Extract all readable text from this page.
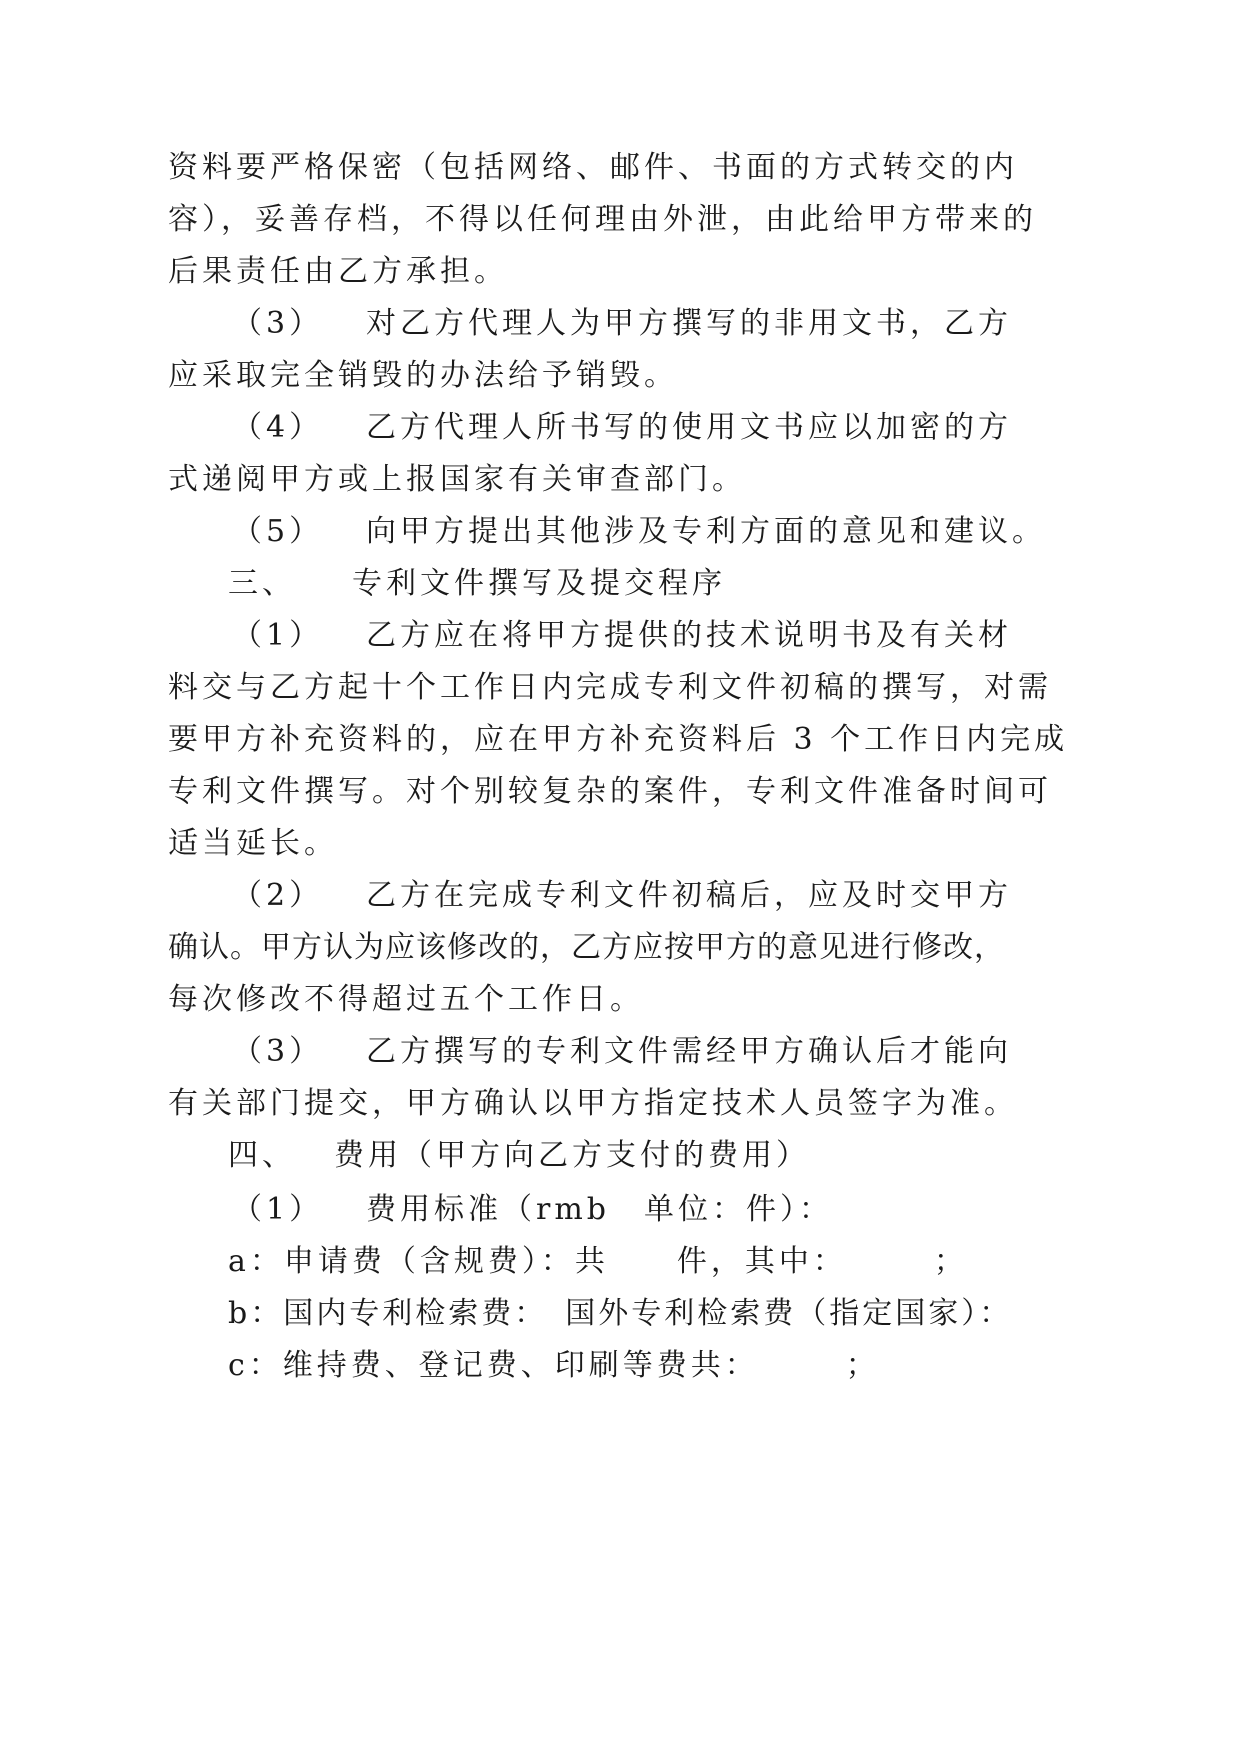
资料要严格保密（包括网络、邮件、书面的方式转交的内
容），妥善存档，不得以任何理由外泄，由此给甲方带来的
后果责任由乙方承担。
（3） 对乙方代理人为甲方撰写的非用文书，乙方
应采取完全销毁的办法给予销毁。
（4） 乙方代理人所书写的使用文书应以加密的方
式递阅甲方或上报国家有关审查部门。
（5） 向甲方提出其他涉及专利方面的意见和建议。
三、 专利文件撰写及提交程序
（1） 乙方应在将甲方提供的技术说明书及有关材
料交与乙方起十个工作日内完成专利文件初稿的撰写，对需
要甲方补充资料的，应在甲方补充资料后 3 个工作日内完成
专利文件撰写。对个别较复杂的案件，专利文件准备时间可
适当延长。
（2） 乙方在完成专利文件初稿后，应及时交甲方
确认。甲方认为应该修改的，乙方应按甲方的意见进行修改，
每次修改不得超过五个工作日。
（3） 乙方撰写的专利文件需经甲方确认后才能向
有关部门提交，甲方确认以甲方指定技术人员签字为准。
四、 费用（甲方向乙方支付的费用）
（1） 费用标准（rmb　单位：件）：
a：申请费（含规费）：共　　件，其中：　　　；
b：国内专利检索费：　国外专利检索费（指定国家）：
c：维持费、登记费、印刷等费共：　　　；
